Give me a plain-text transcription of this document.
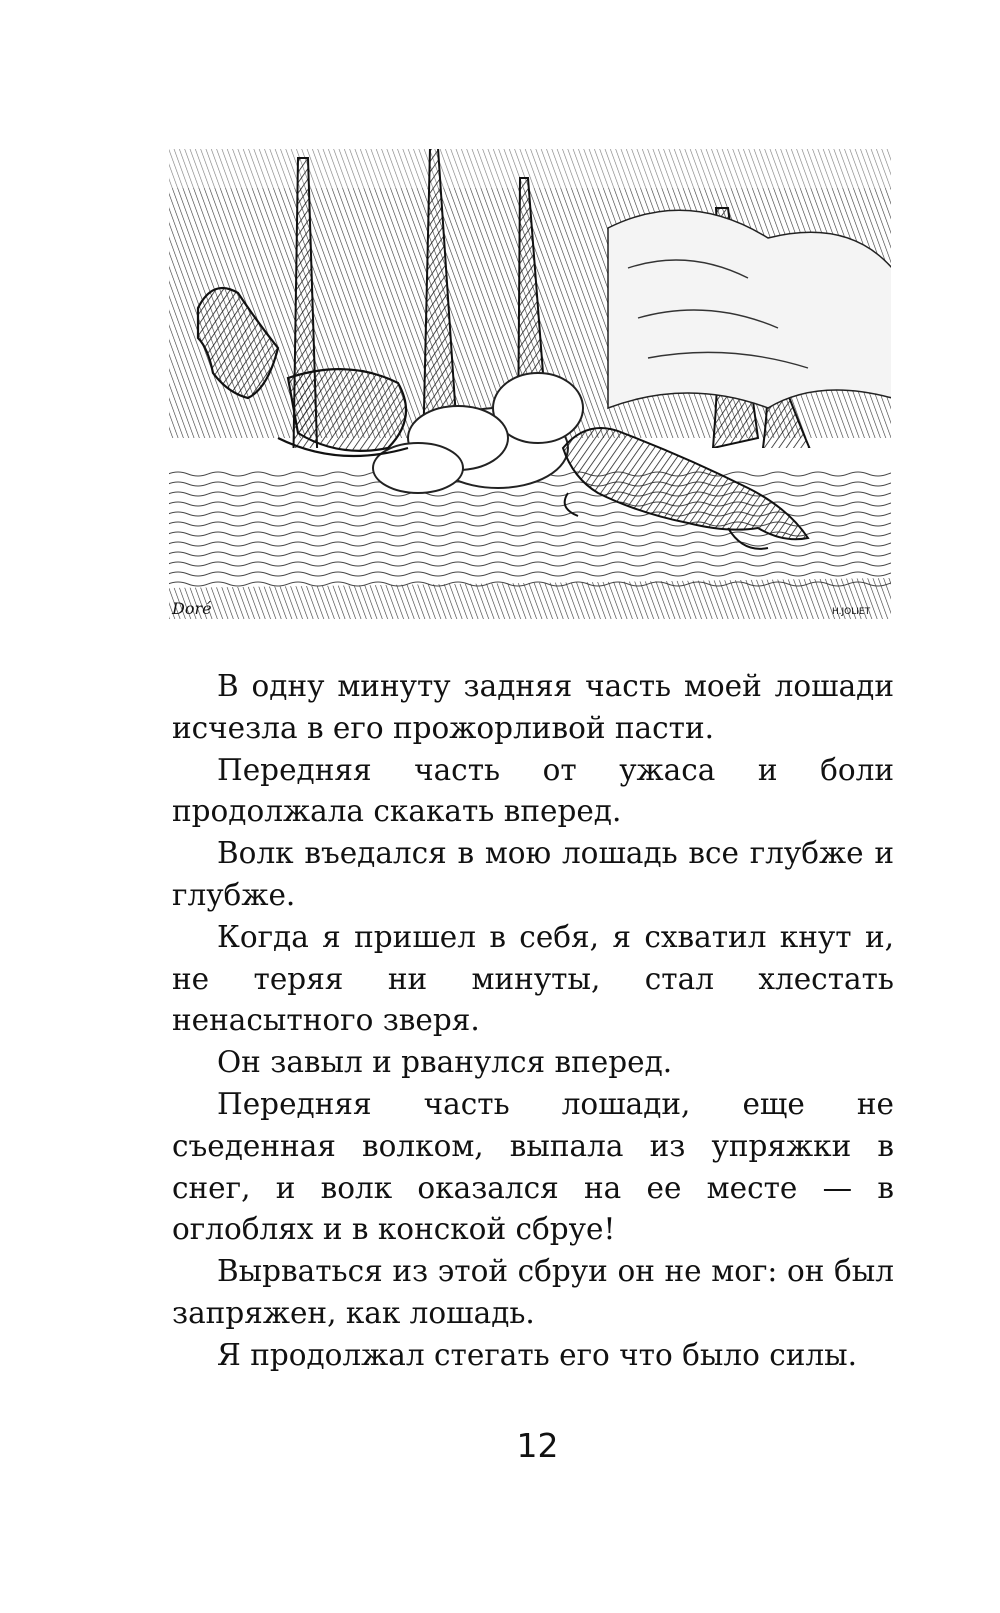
Doré	H.JOLIET

В одну минуту задняя часть моей лошади исчезла в его прожорливой пасти.

Передняя часть от ужаса и боли продолжала скакать вперед.

Волк въедался в мою лошадь все глубже и глубже.

Когда я пришел в себя, я схватил кнут и, не теряя ни минуты, стал хлестать ненасытного зверя.

Он завыл и рванулся вперед.

Передняя часть лошади, еще не съеденная волком, выпала из упряжки в снег, и волк оказался на ее месте — в оглоблях и в конской сбруе!

Вырваться из этой сбруи он не мог: он был запряжен, как лошадь.

Я продолжал стегать его что было силы.

12
